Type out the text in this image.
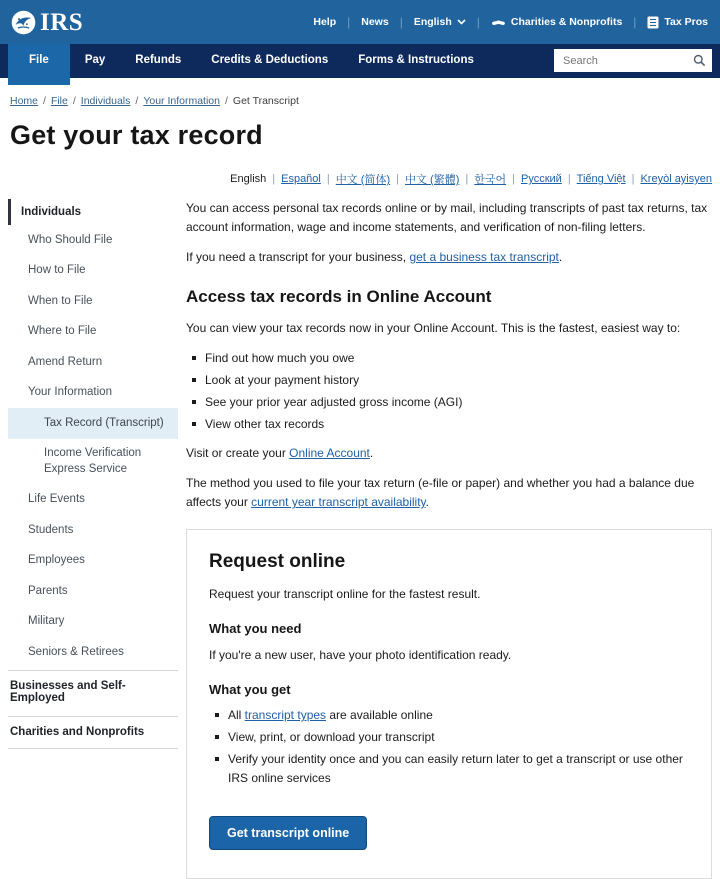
IRS	Help | News | English |	Charities & Nonprofits |	Tax Pros
File	Pay	Refunds	Credits & Deductions	Forms & Instructions
Search
Home / File / Individuals / Your Information / Get Transcript
Get your tax record
English | Español | 中文 (简体) | 中文 (繁體) | 한국어 | Русский | Tiếng Việt | Kreyòl ayisyen
Individuals
Who Should File
How to File
When to File
Where to File
Amend Return
Your Information
Tax Record (Transcript)
Income Verification Express Service
Life Events
Students
Employees
Parents
Military
Seniors & Retirees
Businesses and Self-Employed
Charities and Nonprofits

You can access personal tax records online or by mail, including transcripts of past tax returns, tax account information, wage and income statements, and verification of non-filing letters.

If you need a transcript for your business, get a business tax transcript.

Access tax records in Online Account

You can view your tax records now in your Online Account. This is the fastest, easiest way to:

Find out how much you owe
Look at your payment history
See your prior year adjusted gross income (AGI)
View other tax records

Visit or create your Online Account.

The method you used to file your tax return (e-file or paper) and whether you had a balance due affects your current year transcript availability.

Request online

Request your transcript online for the fastest result.

What you need

If you're a new user, have your photo identification ready.

What you get
All transcript types are available online
View, print, or download your transcript
Verify your identity once and you can easily return later to get a transcript or use other IRS online services
Get transcript online
